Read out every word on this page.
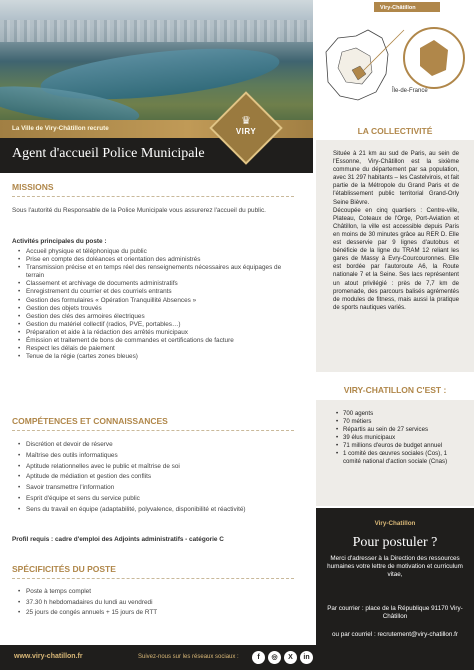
La Ville de Viry-Châtillon recrute
Agent d'accueil Police Municipale
♛
VIRY
Viry-Châtillon
Île-de-France
LA COLLECTIVITÉ

Située à 21 km au sud de Paris, au sein de l'Essonne, Viry-Châtillon est la sixième commune du département par sa population, avec 31 297 habitants – les Castelvirois, et fait partie de la Métropole du Grand Paris et de l'établissement public territorial Grand-Orly Seine Bièvre.

Découpée en cinq quartiers : Centre-ville, Plateau, Coteaux de l'Orge, Port-Aviation et Châtillon, la ville est accessible depuis Paris en moins de 30 minutes grâce au RER D. Elle est desservie par 9 lignes d'autobus et bénéficie de la ligne du TRAM 12 reliant les gares de Massy à Evry-Courcouronnes. Elle est bordée par l'autoroute A6, la Route nationale 7 et la Seine. Ses lacs représentent un atout privilégié : près de 7,7 km de promenade, des parcours balisés agrémentés de modules de fitness, mais aussi la pratique de sports nautiques variés.

VIRY-CHATILLON C'EST :
• 700 agents
• 70 métiers
• Répartis au sein de 27 services
• 39 élus municipaux
• 71 millions d'euros de budget annuel
• 1 comité des œuvres sociales (Cos), 1 comité national d'action sociale (Cnas)
Viry-Chatillon
Pour postuler ?
Merci d'adresser à la Direction des ressources humaines votre lettre de motivation et curriculum vitae,
Par courrier : place de la République 91170 Viry-Châtillon
ou par courriel : recrutement@viry-chatillon.fr
MISSIONS
Sous l'autorité du Responsable de la Police Municipale vous assurerez l'accueil du public.
Activités principales du poste :
• Accueil physique et téléphonique du public
• Prise en compte des doléances et orientation des administrés
• Transmission précise et en temps réel des renseignements nécessaires aux équipages de terrain
• Classement et archivage de documents administratifs
• Enregistrement du courrier et des courriels entrants
• Gestion des formulaires « Opération Tranquillité Absences »
• Gestion des objets trouvés
• Gestion des clés des armoires électriques
• Gestion du matériel collectif (radios, PVE, portables…)
• Préparation et aide à la rédaction des arrêtés municipaux
• Émission et traitement de bons de commandes et certifications de facture
• Respect les délais de paiement
• Tenue de la régie (cartes zones bleues)
COMPÉTENCES ET CONNAISSANCES
• Discrétion et devoir de réserve
• Maîtrise des outils informatiques
• Aptitude relationnelles avec le public et maîtrise de soi
• Aptitude de médiation et gestion des conflits
• Savoir transmettre l'information
• Esprit d'équipe et sens du service public
• Sens du travail en équipe (adaptabilité, polyvalence, disponibilité et réactivité)
Profil requis : cadre d'emploi des Adjoints administratifs - catégorie C
SPÉCIFICITÉS DU POSTE
• Poste à temps complet
• 37.30 h hebdomadaires du lundi au vendredi
• 25 jours de congés annuels + 15 jours de RTT
www.viry-chatillon.fr	Suivez-nous sur les réseaux sociaux :	f	◎	X	in
